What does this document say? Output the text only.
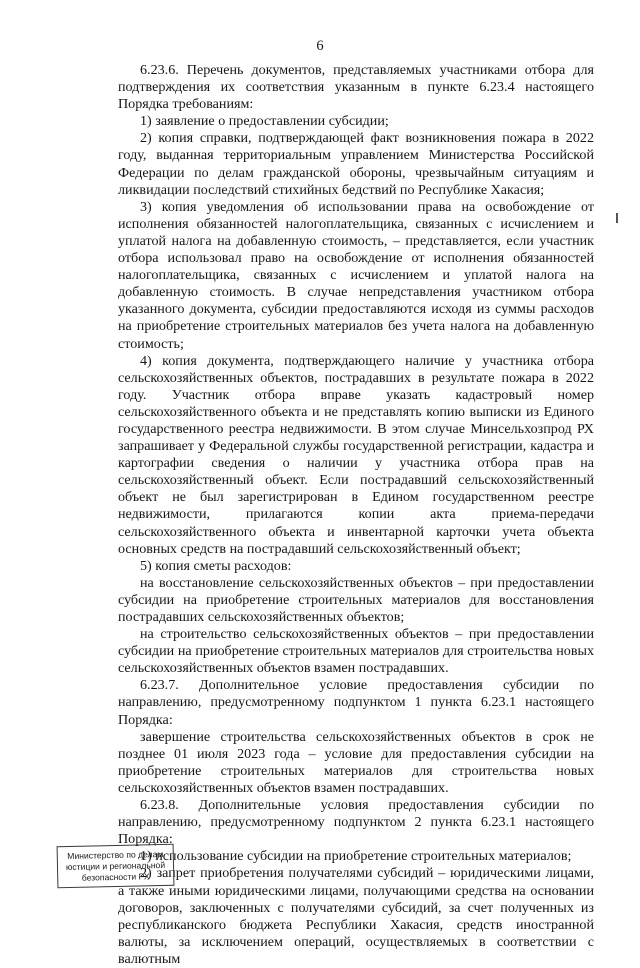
6

6.23.6. Перечень документов, представляемых участниками отбора для подтверждения их соответствия указанным в пункте 6.23.4 настоящего Порядка требованиям:

1) заявление о предоставлении субсидии;

2) копия справки, подтверждающей факт возникновения пожара в 2022 году, выданная территориальным управлением Министерства Российской Федерации по делам гражданской обороны, чрезвычайным ситуациям и ликвидации последствий стихийных бедствий по Республике Хакасия;

3) копия уведомления об использовании права на освобождение от исполнения обязанностей налогоплательщика, связанных с исчислением и уплатой налога на добавленную стоимость, – представляется, если участник отбора использовал право на освобождение от исполнения обязанностей налогоплательщика, связанных с исчислением и уплатой налога на добавленную стоимость. В случае непредставления участником отбора указанного документа, субсидии предоставляются исходя из суммы расходов на приобретение строительных материалов без учета налога на добавленную стоимость;

4) копия документа, подтверждающего наличие у участника отбора сельскохозяйственных объектов, пострадавших в результате пожара в 2022 году. Участник отбора вправе указать кадастровый номер сельскохозяйственного объекта и не представлять копию выписки из Единого государственного реестра недвижимости. В этом случае Минсельхозпрод РХ запрашивает у Федеральной службы государственной регистрации, кадастра и картографии сведения о наличии у участника отбора прав на сельскохозяйственный объект. Если пострадавший сельскохозяйственный объект не был зарегистрирован в Едином государственном реестре недвижимости, прилагаются копии акта приема-передачи сельскохозяйственного объекта и инвентарной карточки учета объекта основных средств на пострадавший сельскохозяйственный объект;

5) копия сметы расходов:

на восстановление сельскохозяйственных объектов – при предоставлении субсидии на приобретение строительных материалов для восстановления пострадавших сельскохозяйственных объектов;

на строительство сельскохозяйственных объектов – при предоставлении субсидии на приобретение строительных материалов для строительства новых сельскохозяйственных объектов взамен пострадавших.

6.23.7. Дополнительное условие предоставления субсидии по направлению, предусмотренному подпунктом 1 пункта 6.23.1 настоящего Порядка:

завершение строительства сельскохозяйственных объектов в срок не позднее 01 июля 2023 года – условие для предоставления субсидии на приобретение строительных материалов для строительства новых сельскохозяйственных объектов взамен пострадавших.

6.23.8. Дополнительные условия предоставления субсидии по направлению, предусмотренному подпунктом 2 пункта 6.23.1 настоящего Порядка:

1) использование субсидии на приобретение строительных материалов;

2) запрет приобретения получателями субсидий – юридическими лицами, а также иными юридическими лицами, получающими средства на основании договоров, заключенных с получателями субсидий, за счет полученных из республиканского бюджета Республики Хакасия, средств иностранной валюты, за исключением операций, осуществляемых в соответствии с валютным

Министерство по делам
юстиции и региональной
безопасности РХ
